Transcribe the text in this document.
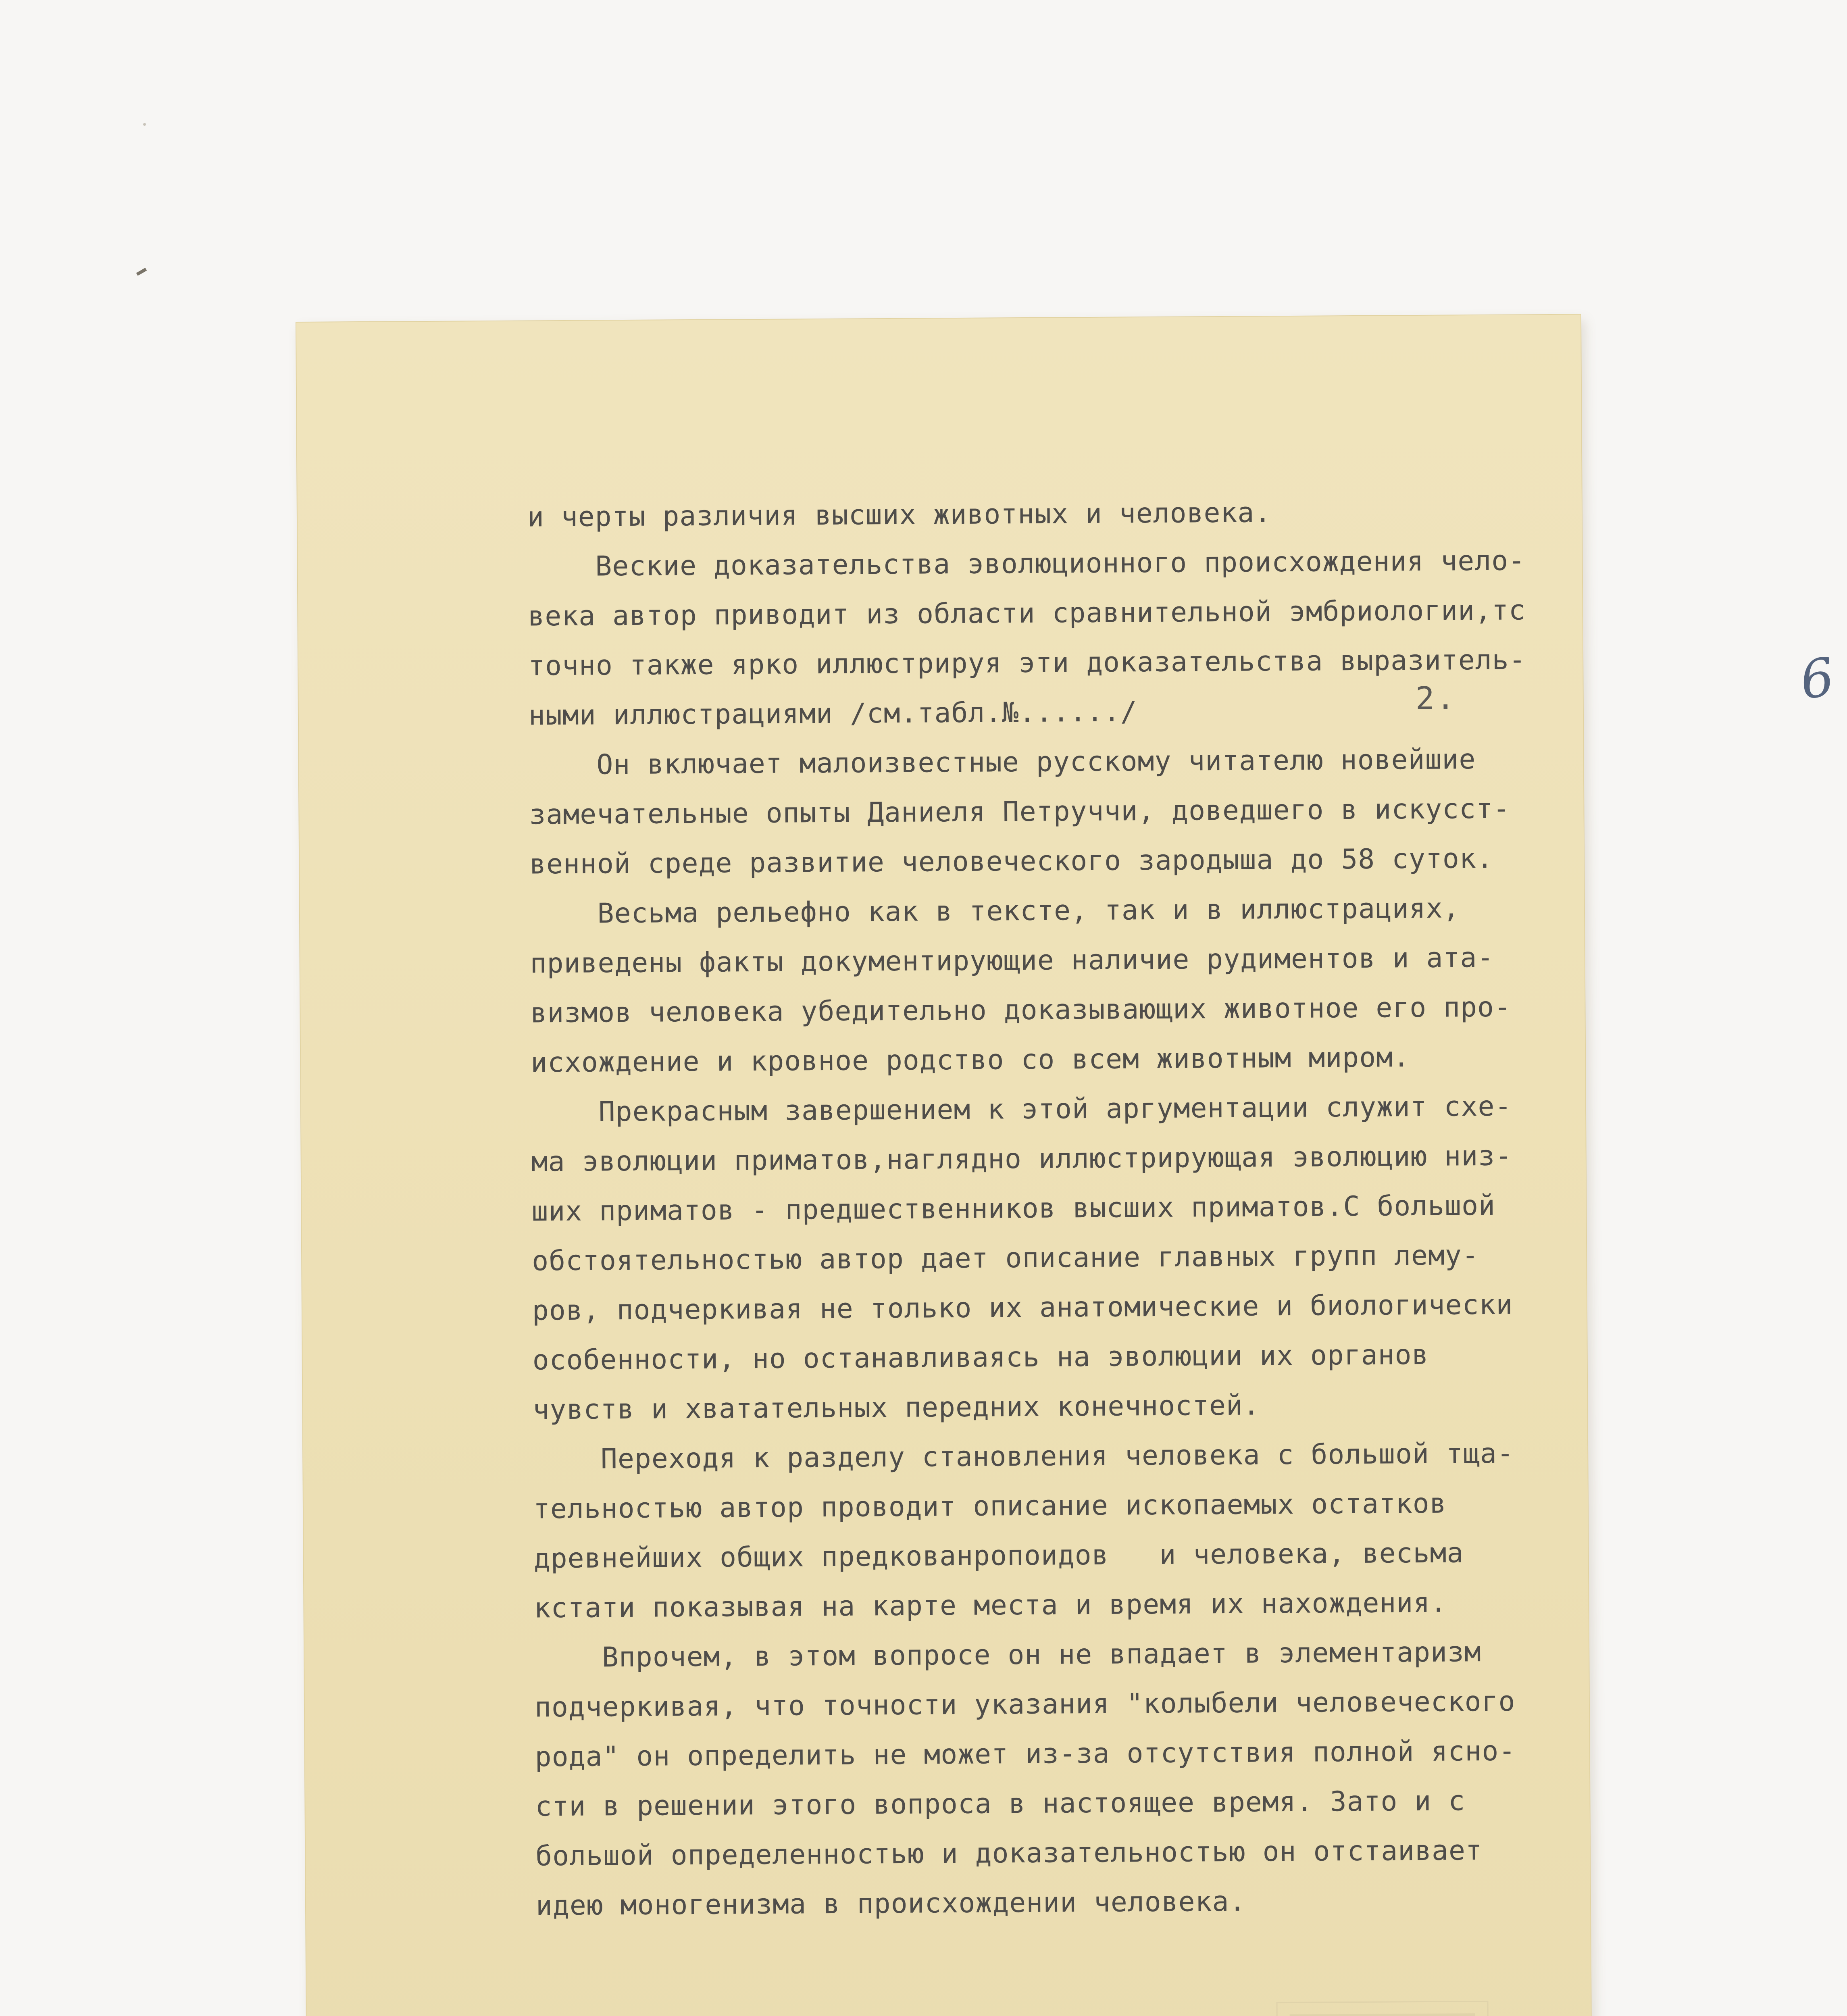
2.	6
и черты различия высших животных и человека.
Веские доказательства эволюционного происхождения чело-
века автор приводит из области сравнительной эмбриологии,тс
точно также ярко иллюстрируя эти доказательства выразитель-
ными иллюстрациями /см.табл.№....../
Он включает малоизвестные русскому читателю новейшие
замечательные опыты Даниеля Петруччи, доведшего в искусст-
венной среде развитие человеческого зародыша до 58 суток.
Весьма рельефно как в тексте, так и в иллюстрациях,
приведены факты документирующие наличие рудиментов и ата-
визмов человека убедительно доказывающих животное его про-
исхождение и кровное родство со всем животным миром.
Прекрасным завершением к этой аргументации служит схе-
ма эволюции приматов,наглядно иллюстрирующая эволюцию низ-
ших приматов - предшественников высших приматов.С большой
обстоятельностью автор дает описание главных групп лему-
ров, подчеркивая не только их анатомические и биологически
особенности, но останавливаясь на эволюции их органов
чувств и хватательных передних конечностей.
Переходя к разделу становления человека с большой тща-
тельностью автор проводит описание ископаемых остатков
древнейших общих предкованропоидов   и человека, весьма
кстати показывая на карте места и время их нахождения.
Впрочем, в этом вопросе он не впадает в элементаризм
подчеркивая, что точности указания "колыбели человеческого
рода" он определить не может из-за отсутствия полной ясно-
сти в решении этого вопроса в настоящее время. Зато и с
большой определенностью и доказательностью он отстаивает
идею моногенизма в происхождении человека.
